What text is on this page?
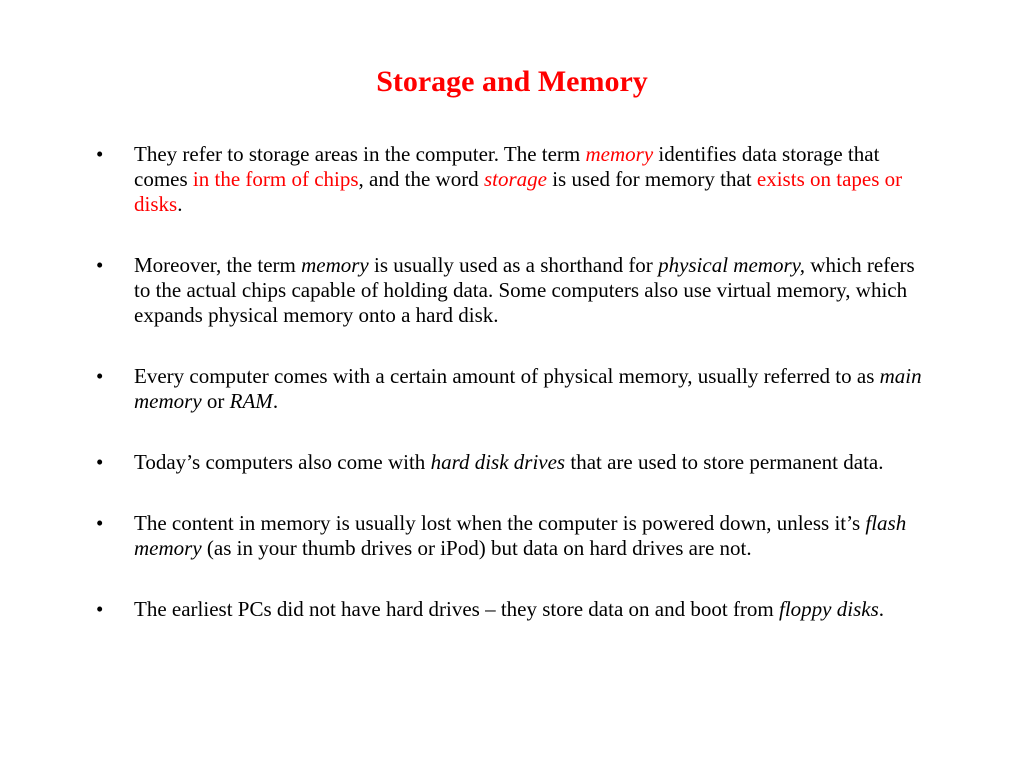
Storage and Memory
•	They refer to storage areas in the computer. The term memory identifies data storage that comes in the form of chips, and the word storage is used for memory that exists on tapes or disks.
•	Moreover, the term memory is usually used as a shorthand for physical memory, which refers to the actual chips capable of holding data. Some computers also use virtual memory, which expands physical memory onto a hard disk.
•	Every computer comes with a certain amount of physical memory, usually referred to as main memory or RAM.
•	Today’s computers also come with hard disk drives that are used to store permanent data.
•	The content in memory is usually lost when the computer is powered down, unless it’s flash memory (as in your thumb drives or iPod) but data on hard drives are not.
•	The earliest PCs did not have hard drives – they store data on and boot from floppy disks.
